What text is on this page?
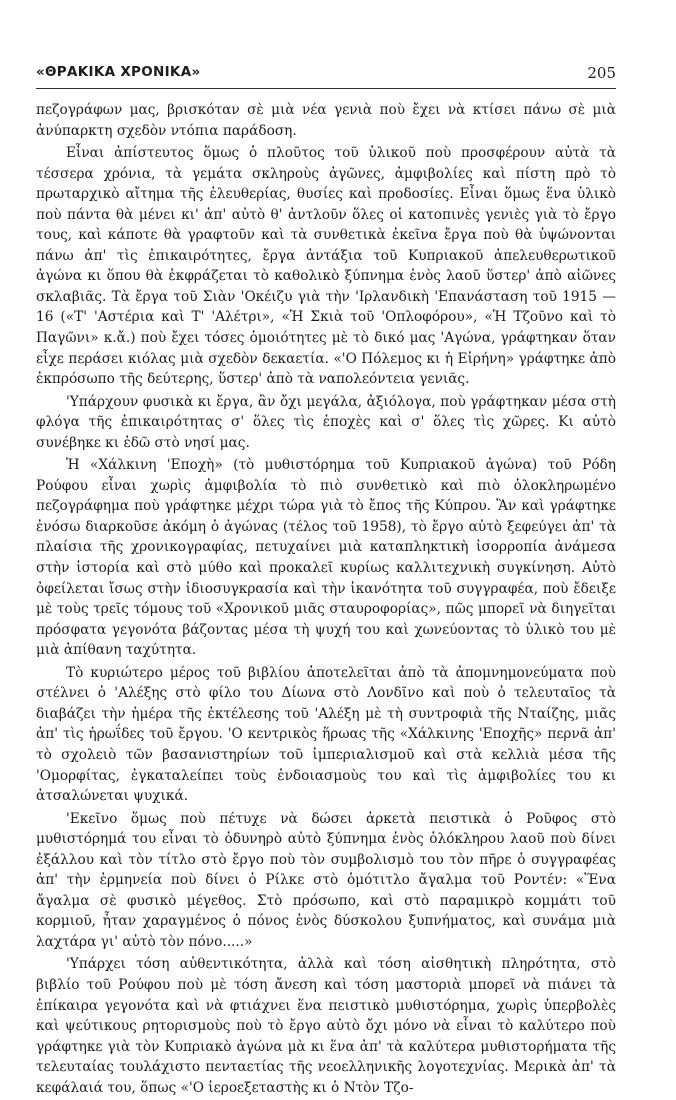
«ΘΡΑΚΙΚΑ ΧΡΟΝΙΚΑ»	205

πεζογράφων μας, βρισκόταν σὲ μιὰ νέα γενιὰ ποὺ ἔχει νὰ κτίσει πάνω σὲ μιὰ ἀνύπαρκτη σχεδὸν ντόπια παράδοση.

Εἶναι ἀπίστευτος ὅμως ὁ πλοῦτος τοῦ ὑλικοῦ ποὺ προσφέρουν αὐτὰ τὰ τέσσερα χρόνια, τὰ γεμάτα σκληροὺς ἀγῶνες, ἀμφιβολίες καὶ πίστη πρὸ τὸ πρωταρχικὸ αἴτημα τῆς ἐλευθερίας, θυσίες καὶ προδοσίες. Εἶναι ὅμως ἕνα ὑλικὸ ποὺ πάντα θὰ μένει κι' ἀπ' αὐτὸ θ' ἀντλοῦν ὅλες οἱ κατοπινὲς γενιὲς γιὰ τὸ ἔργο τους, καὶ κάποτε θὰ γραφτοῦν καὶ τὰ συνθετικὰ ἐκεῖνα ἔργα ποὺ θὰ ὑψώνονται πάνω ἀπ' τὶς ἐπικαιρότητες, ἔργα ἀντάξια τοῦ Κυπριακοῦ ἀπελευθερωτικοῦ ἀγώνα κι ὅπου θὰ ἐκφράζεται τὸ καθολικὸ ξύπνημα ἑνὸς λαοῦ ὕστερ' ἀπὸ αἰῶνες σκλαβιᾶς. Τὰ ἔργα τοῦ Σιὰν 'Οκέιζυ γιὰ τὴν 'Ιρλανδικὴ 'Επανάσταση τοῦ 1915 — 16 («Τ' 'Αστέρια καὶ Τ' 'Αλέτρι», «Ἡ Σκιὰ τοῦ 'Οπλοφόρου», «Ἡ Τζοῦνο καὶ τὸ Παγῶνι» κ.ἄ.) ποὺ ἔχει τόσες ὁμοιότητες μὲ τὸ δικό μας 'Αγώνα, γράφτηκαν ὅταν εἶχε περάσει κιόλας μιὰ σχεδὸν δεκαετία. «'Ο Πόλεμος κι ἡ Εἰρήνη» γράφτηκε ἀπὸ ἐκπρόσωπο τῆς δεύτερης, ὕστερ' ἀπὸ τὰ ναπολεόντεια γενιᾶς.

'Υπάρχουν φυσικὰ κι ἔργα, ἂν ὄχι μεγάλα, ἀξιόλογα, ποὺ γράφτηκαν μέσα στὴ φλόγα τῆς ἐπικαιρότητας σ' ὅλες τὶς ἐποχὲς καὶ σ' ὅλες τὶς χῶρες. Κι αὐτὸ συνέβηκε κι ἐδῶ στὸ νησί μας.

Ἡ «Χάλκινη 'Εποχὴ» (τὸ μυθιστόρημα τοῦ Κυπριακοῦ ἀγώνα) τοῦ Ρόδη Ρούφου εἶναι χωρὶς ἀμφιβολία τὸ πιὸ συνθετικὸ καὶ πιὸ ὁλοκληρωμένο πεζογράφημα ποὺ γράφτηκε μέχρι τώρα γιὰ τὸ ἔπος τῆς Κύπρου. Ἂν καὶ γράφτηκε ἐνόσω διαρκοῦσε ἀκόμη ὁ ἀγώνας (τέλος τοῦ 1958), τὸ ἔργο αὐτὸ ξεφεύγει ἀπ' τὰ πλαίσια τῆς χρονικογραφίας, πετυχαίνει μιὰ καταπληκτικὴ ἰσορροπία ἀνάμεσα στὴν ἱστορία καὶ στὸ μύθο καὶ προκαλεῖ κυρίως καλλιτεχνικὴ συγκίνηση. Αὐτὸ ὀφείλεται ἴσως στὴν ἰδιοσυγκρασία καὶ τὴν ἱκανότητα τοῦ συγγραφέα, ποὺ ἔδειξε μὲ τοὺς τρεῖς τόμους τοῦ «Χρονικοῦ μιᾶς σταυροφορίας», πῶς μπορεῖ νὰ διηγεῖται πρόσφατα γεγονότα βάζοντας μέσα τὴ ψυχή του καὶ χωνεύοντας τὸ ὑλικὸ του μὲ μιὰ ἀπίθανη ταχύτητα.

Τὸ κυριώτερο μέρος τοῦ βιβλίου ἀποτελεῖται ἀπὸ τὰ ἀπομνημονεύματα ποὺ στέλνει ὁ 'Αλέξης στὸ φίλο του Δίωνα στὸ Λονδῖνο καὶ ποὺ ὁ τελευταῖος τὰ διαβάζει τὴν ἡμέρα τῆς ἐκτέλεσης τοῦ 'Αλέξη μὲ τὴ συντροφιὰ τῆς Νταίζης, μιᾶς ἀπ' τὶς ἡρωΐδες τοῦ ἔργου. 'Ο κεντρικὸς ἥρωας τῆς «Χάλκινης 'Εποχῆς» περνᾶ ἀπ' τὸ σχολειὸ τῶν βασανιστηρίων τοῦ ἰμπεριαλισμοῦ καὶ στὰ κελλιὰ μέσα τῆς 'Ομορφίτας, ἐγκαταλείπει τοὺς ἐνδοιασμοὺς του καὶ τὶς ἀμφιβολίες του κι ἀτσαλώνεται ψυχικά.

'Εκεῖνο ὅμως ποὺ πέτυχε νὰ δώσει ἀρκετὰ πειστικὰ ὁ Ροῦφος στὸ μυθιστόρημά του εἶναι τὸ ὀδυνηρὸ αὐτὸ ξύπνημα ἑνὸς ὁλόκληρου λαοῦ ποὺ δίνει ἐξάλλου καὶ τὸν τίτλο στὸ ἔργο ποὺ τὸν συμβολισμὸ του τὸν πῆρε ὁ συγγραφέας ἀπ' τὴν ἑρμηνεία ποὺ δίνει ὁ Ρίλκε στὸ ὁμότιτλο ἄγαλμα τοῦ Ροντέν: «Ἕνα ἄγαλμα σὲ φυσικὸ μέγεθος. Στὸ πρόσωπο, καὶ στὸ παραμικρὸ κομμάτι τοῦ κορμιοῦ, ἦταν χαραγμένος ὁ πόνος ἑνὸς δύσκολου ξυπνήματος, καὶ συνάμα μιὰ λαχτάρα γι' αὐτὸ τὸν πόνο.....»

'Υπάρχει τόση αὐθεντικότητα, ἀλλὰ καὶ τόση αἰσθητικὴ πληρότητα, στὸ βιβλίο τοῦ Ρούφου ποὺ μὲ τόση ἄνεση καὶ τόση μαστοριὰ μπορεῖ νὰ πιάνει τὰ ἐπίκαιρα γεγονότα καὶ νὰ φτιάχνει ἕνα πειστικὸ μυθιστόρημα, χωρὶς ὑπερβολὲς καὶ ψεύτικους ρητορισμοὺς ποὺ τὸ ἔργο αὐτὸ ὄχι μόνο νὰ εἶναι τὸ καλύτερο ποὺ γράφτηκε γιὰ τὸν Κυπριακὸ ἀγώνα μὰ κι ἕνα ἀπ' τὰ καλύτερα μυθιστορήματα τῆς τελευταίας τουλάχιστο πενταετίας τῆς νεοελληνικῆς λογοτεχνίας. Μερικὰ ἀπ' τὰ κεφάλαιά του, ὅπως «'Ο ἱεροεξεταστὴς κι ὁ Ντὸν Τζο-
